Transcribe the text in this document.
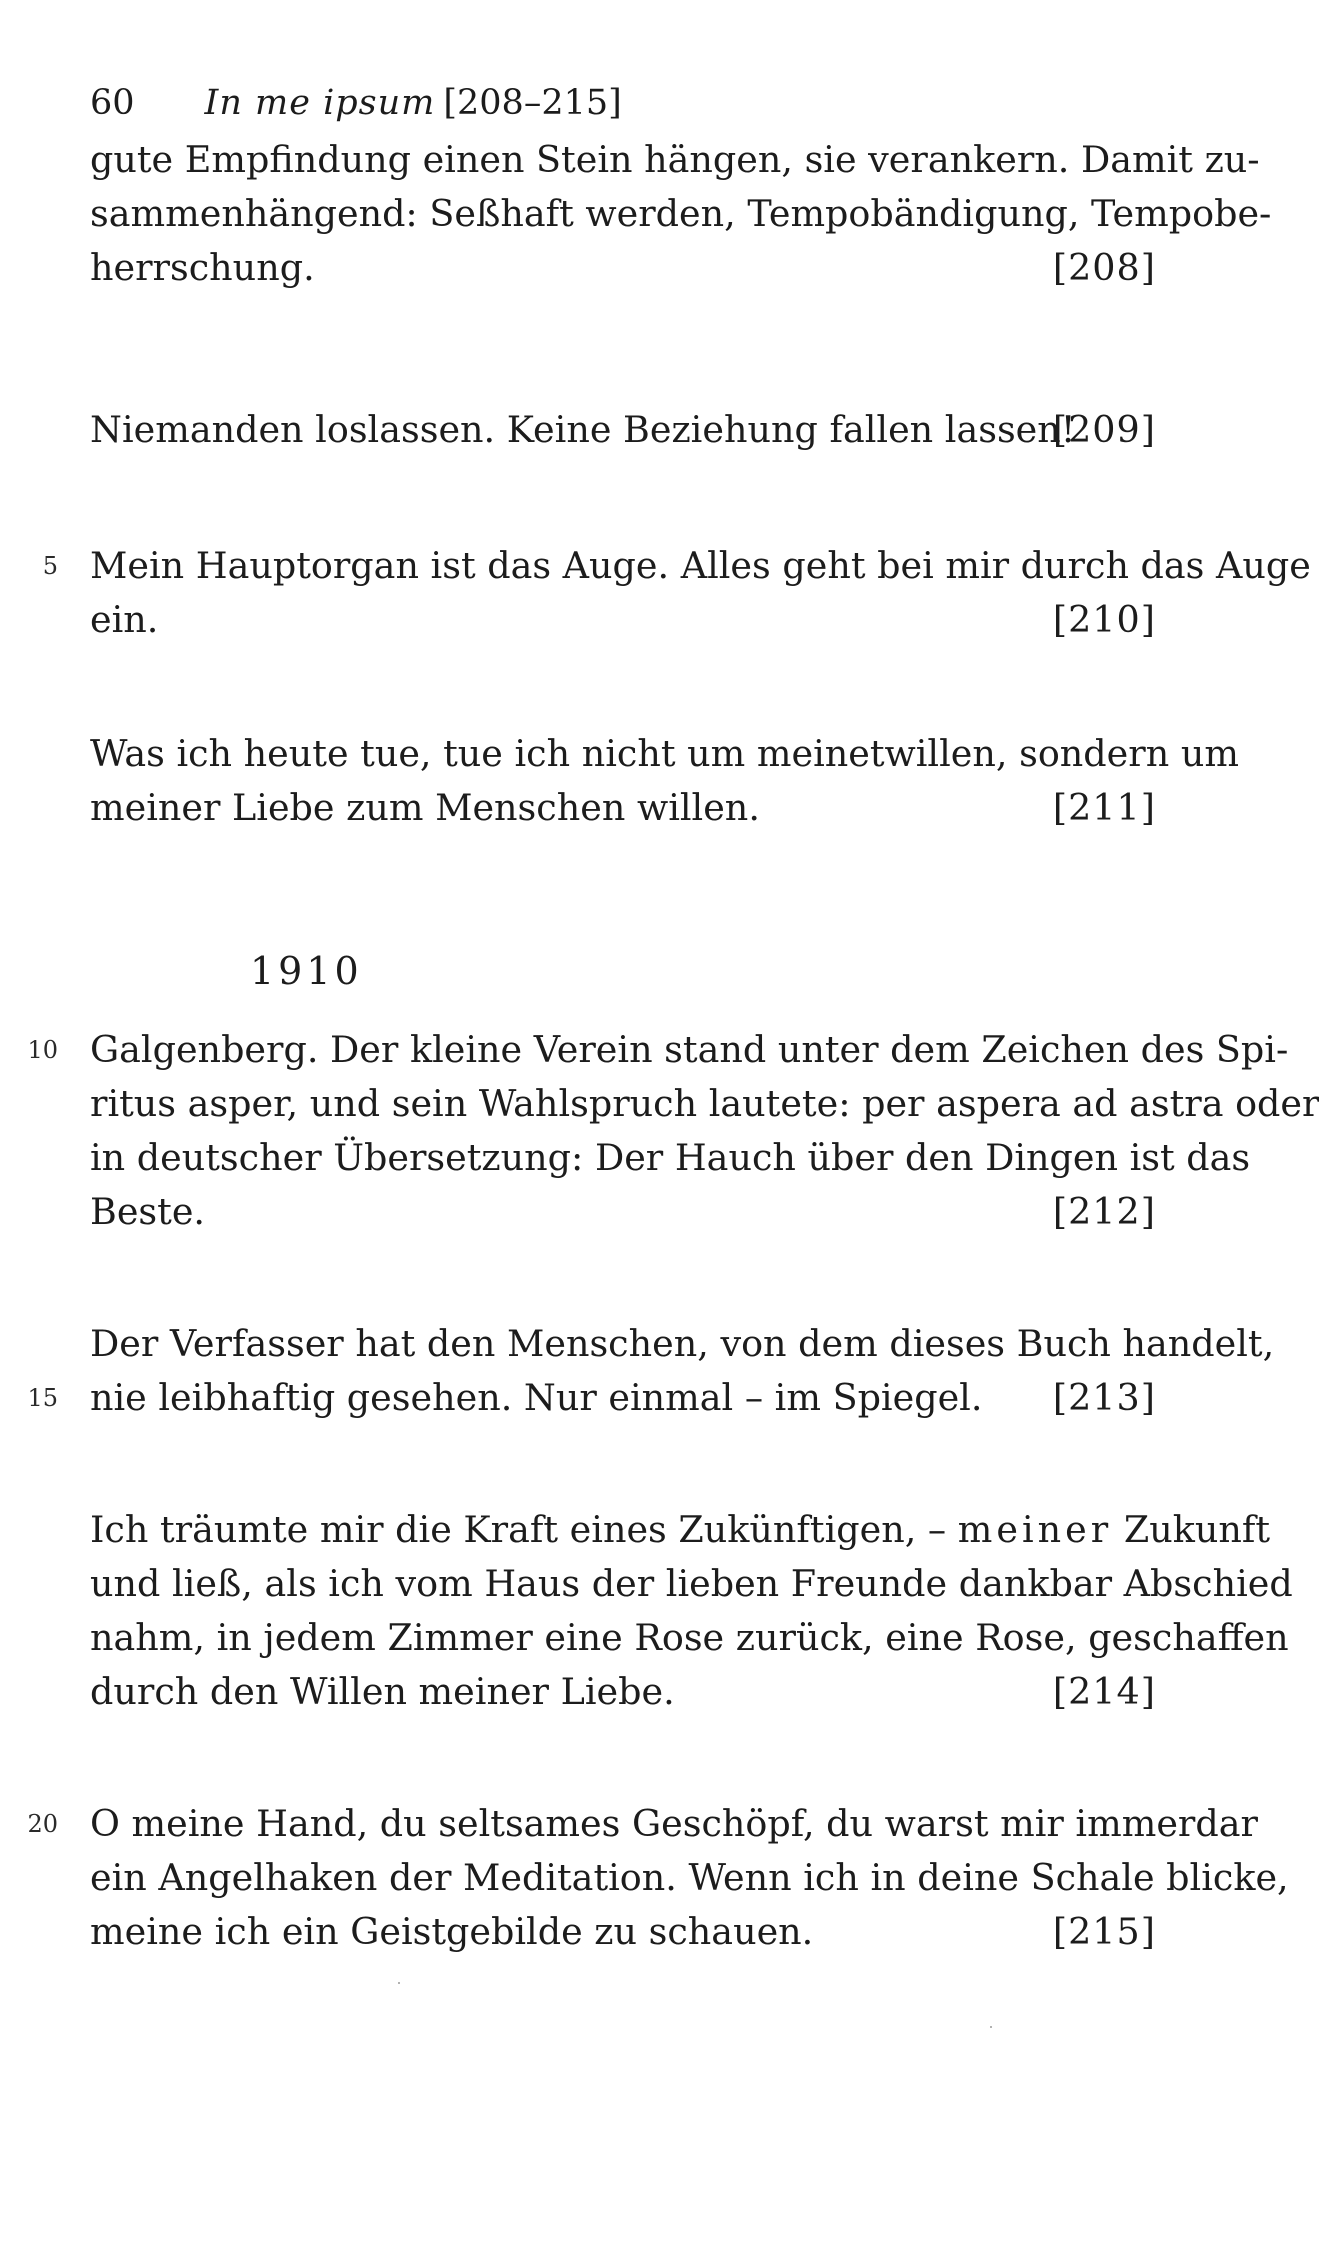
60 In me ipsum [208–215]
gute Empfindung einen Stein hängen, sie verankern. Damit zu-
sammenhängend: Seßhaft werden, Tempobändigung, Tempobe-
herrschung.	[208]
Niemanden loslassen. Keine Beziehung fallen lassen!
[209]
5 Mein Hauptorgan ist das Auge. Alles geht bei mir durch das Auge
ein.	[210]
Was ich heute tue, tue ich nicht um meinetwillen, sondern um
meiner Liebe zum Menschen willen.	[211]
1910
10 Galgenberg. Der kleine Verein stand unter dem Zeichen des Spi-
ritus asper, und sein Wahlspruch lautete: per aspera ad astra oder
in deutscher Übersetzung: Der Hauch über den Dingen ist das
Beste.	[212]
Der Verfasser hat den Menschen, von dem dieses Buch handelt,
15 nie leibhaftig gesehen. Nur einmal – im Spiegel.	[213]
Ich träumte mir die Kraft eines Zukünftigen, – meiner Zukunft
und ließ, als ich vom Haus der lieben Freunde dankbar Abschied
nahm, in jedem Zimmer eine Rose zurück, eine Rose, geschaffen
durch den Willen meiner Liebe.	[214]
20 O meine Hand, du seltsames Geschöpf, du warst mir immerdar
ein Angelhaken der Meditation. Wenn ich in deine Schale blicke,
meine ich ein Geistgebilde zu schauen.	[215]
